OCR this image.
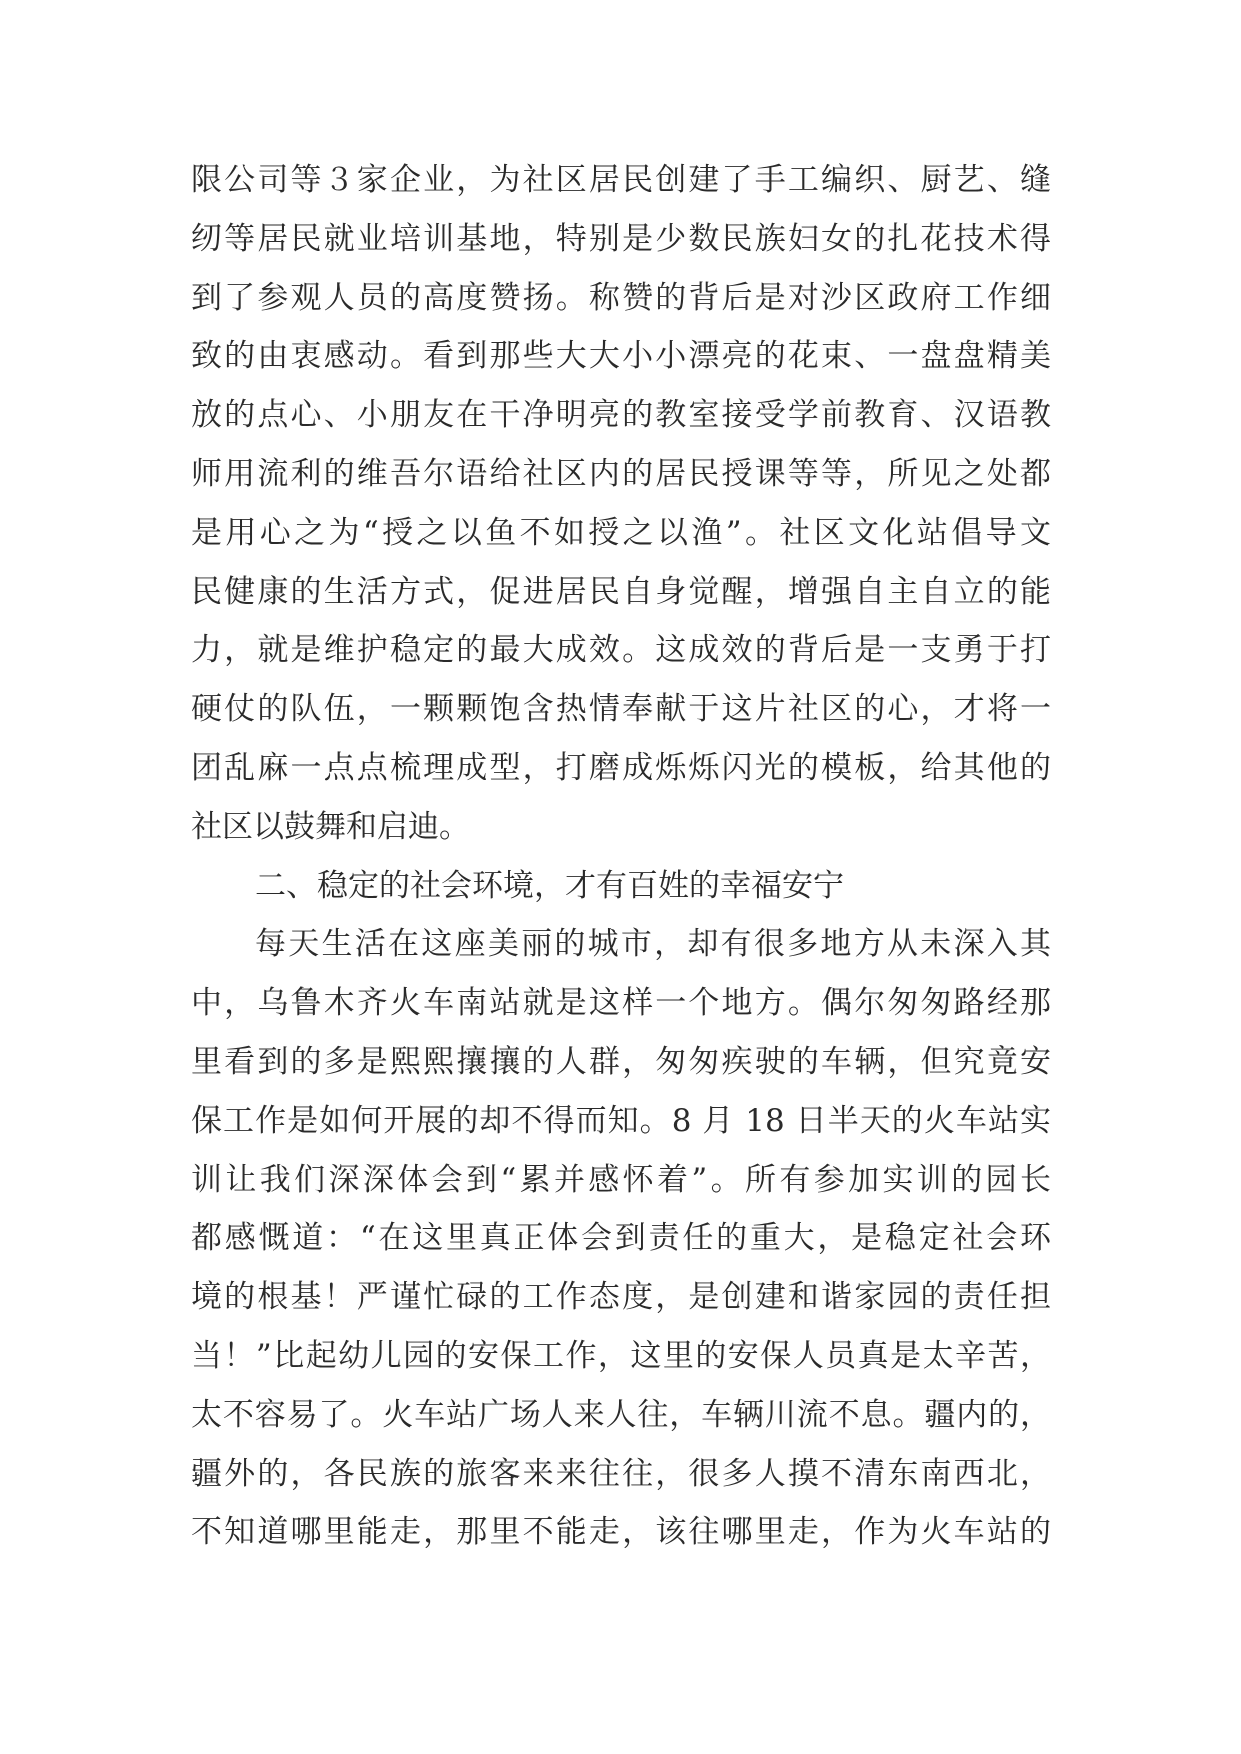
限公司等３家企业，为社区居民创建了手工编织、厨艺、缝
纫等居民就业培训基地，特别是少数民族妇女的扎花技术得
到了参观人员的高度赞扬。称赞的背后是对沙区政府工作细
致的由衷感动。看到那些大大小小漂亮的花束、一盘盘精美
放的点心、小朋友在干净明亮的教室接受学前教育、汉语教
师用流利的维吾尔语给社区内的居民授课等等，所见之处都
是用心之为“授之以鱼不如授之以渔”。社区文化站倡导文
民健康的生活方式，促进居民自身觉醒，增强自主自立的能
力，就是维护稳定的最大成效。这成效的背后是一支勇于打
硬仗的队伍，一颗颗饱含热情奉献于这片社区的心，才将一
团乱麻一点点梳理成型，打磨成烁烁闪光的模板，给其他的
社区以鼓舞和启迪。
二、稳定的社会环境，才有百姓的幸福安宁
每天生活在这座美丽的城市，却有很多地方从未深入其
中，乌鲁木齐火车南站就是这样一个地方。偶尔匆匆路经那
里看到的多是熙熙攘攘的人群，匆匆疾驶的车辆，但究竟安
保工作是如何开展的却不得而知。8 月 18 日半天的火车站实
训让我们深深体会到“累并感怀着”。所有参加实训的园长
都感慨道：“在这里真正体会到责任的重大，是稳定社会环
境的根基！严谨忙碌的工作态度，是创建和谐家园的责任担
当！”比起幼儿园的安保工作，这里的安保人员真是太辛苦，
太不容易了。火车站广场人来人往，车辆川流不息。疆内的，
疆外的，各民族的旅客来来往往，很多人摸不清东南西北，
不知道哪里能走，那里不能走，该往哪里走，作为火车站的
